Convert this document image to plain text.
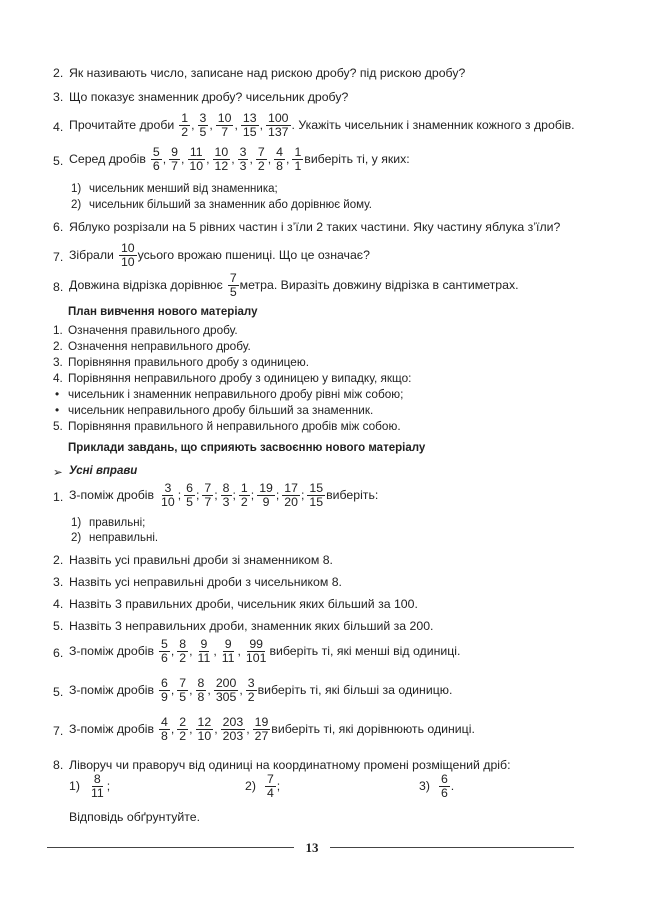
2. Як називають число, записане над рискою дробу? під рискою дробу?
3. Що показує знаменник дробу? чисельник дробу?
4. Прочитайте дроби $\frac{1}{2}$ , $\frac{3}{5}$ , $\frac{10}{7}$ , $\frac{13}{15}$ , $\frac{100}{137}$ . Укажіть чисельник і знаменник кожного з дробів.
5. Серед дробів $\frac{5}{6}$ , $\frac{9}{7}$ , $\frac{11}{10}$ , $\frac{10}{12}$ , $\frac{3}{3}$ , $\frac{7}{2}$ , $\frac{4}{8}$ , $\frac{1}{1}$ виберіть ті, у яких:
1) чисельник менший від знаменника;
2) чисельник більший за знаменник або дорівнює йому.
6. Яблуко розрізали на 5 рівних частин і з’їли 2 таких частини. Яку частину яблука з’їли?
7. Зібрали $\frac{10}{10}$ усього врожаю пшениці. Що це означає?
8. Довжина відрізка дорівнює $\frac{7}{5}$ метра. Виразіть довжину відрізка в сантиметрах.
План вивчення нового матеріалу
1. Означення правильного дробу.
2. Означення неправильного дробу.
3. Порівняння правильного дробу з одиницею.
4. Порівняння неправильного дробу з одиницею у випадку, якщо:
• чисельник і знаменник неправильного дробу рівні між собою;
• чисельник неправильного дробу більший за знаменник.
5. Порівняння правильного й неправильного дробів між собою.
Приклади завдань, що сприяють засвоєнню нового матеріалу
➢ Усні вправи
1. З-поміж дробів $\frac{3}{10}$ ; $\frac{6}{5}$ ; $\frac{7}{7}$ ; $\frac{8}{3}$ ; $\frac{1}{2}$ ; $\frac{19}{9}$ ; $\frac{17}{20}$ ; $\frac{15}{15}$ виберіть:
1) правильні;
2) неправильні.
2. Назвіть усі правильні дроби зі знаменником 8.
3. Назвіть усі неправильні дроби з чисельником 8.
4. Назвіть 3 правильних дроби, чисельник яких більший за 100.
5. Назвіть 3 неправильних дроби, знаменник яких більший за 200.
6. З-поміж дробів $\frac{5}{6}$ , $\frac{8}{2}$ , $\frac{9}{11}$ , $\frac{9}{11}$ , $\frac{99}{101}$ виберіть ті, які менші від одиниці.
5. З-поміж дробів $\frac{6}{9}$ , $\frac{7}{5}$ , $\frac{8}{8}$ , $\frac{200}{305}$ , $\frac{3}{2}$ виберіть ті, які більші за одиницю.
7. З-поміж дробів $\frac{4}{8}$ , $\frac{2}{2}$ , $\frac{12}{10}$ , $\frac{203}{203}$ , $\frac{19}{27}$ виберіть ті, які дорівнюють одиниці.
8. Ліворуч чи праворуч від одиниці на координатному промені розміщений дріб:
$1) \frac{8}{11}$ ;	$2) \frac{7}{4}$ ;	$3) \frac{6}{6}$ .
Відповідь обґрунтуйте.
13
